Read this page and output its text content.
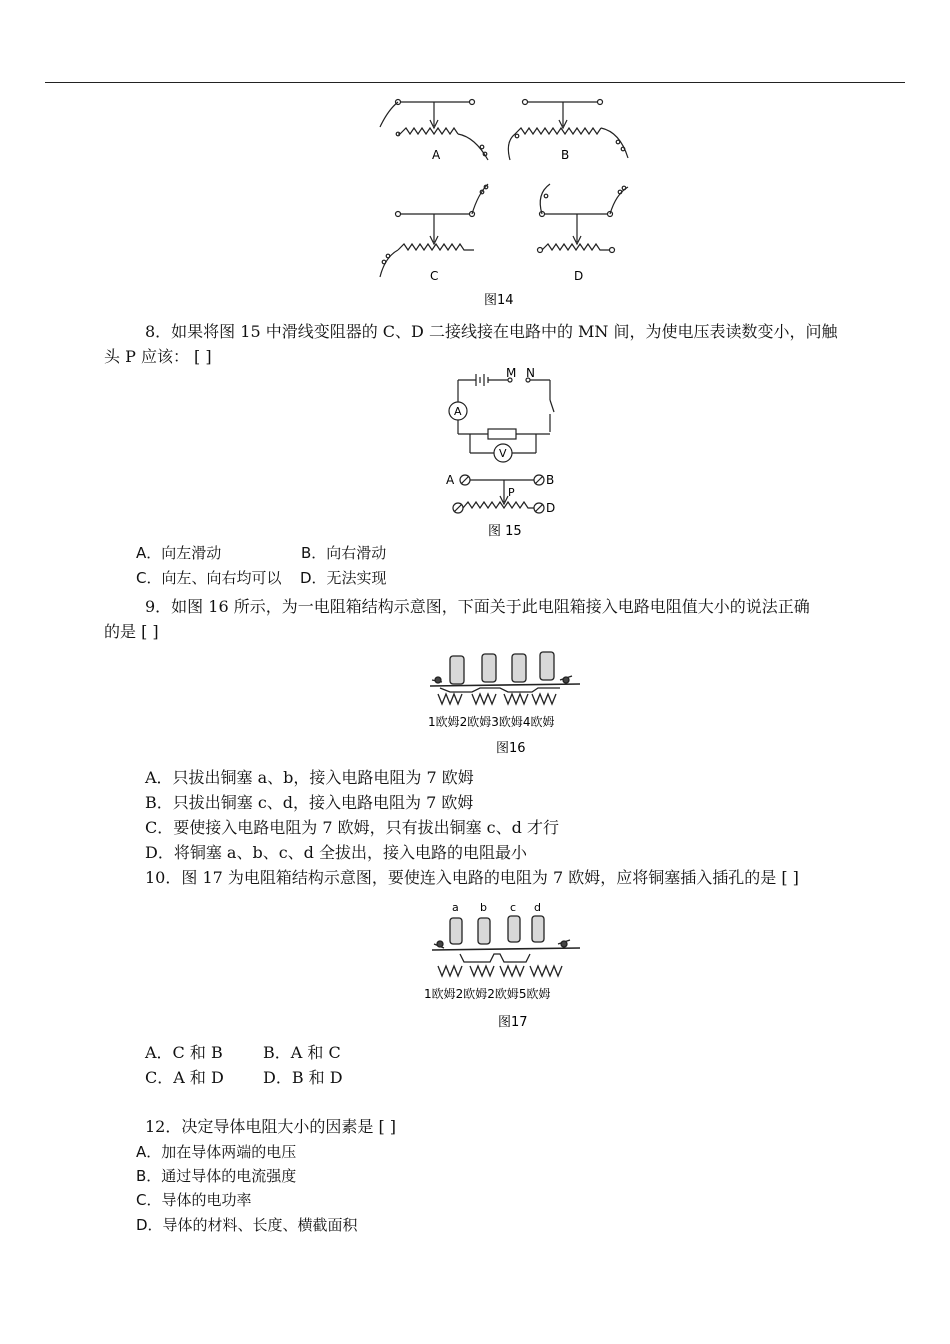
A	B
C	D
图14
8．如果将图 15 中滑线变阻器的 C、D 二接线接在电路中的 MN 间，为使电压表读数变小，问触
头 P 应该： [ ]
M N
A
V
A	B
D
P
图 15
A．向左滑动	B．向右滑动
C．向左、向右均可以 D．无法实现
9．如图 16 所示，为一电阻箱结构示意图，下面关于此电阻箱接入电路电阻值大小的说法正确
的是 [ ]
1欧姆2欧姆3欧姆4欧姆
图16
A．只拔出铜塞 a、b，接入电路电阻为 7 欧姆
B．只拔出铜塞 c、d，接入电路电阻为 7 欧姆
C．要使接入电路电阻为 7 欧姆，只有拔出铜塞 c、d 才行
D．将铜塞 a、b、c、d 全拔出，接入电路的电阻最小
10．图 17 为电阻箱结构示意图，要使连入电路的电阻为 7 欧姆，应将铜塞插入插孔的是 [ ]
a b c d
1欧姆2欧姆2欧姆5欧姆
图17
A．C 和 B	B．A 和 C
C．A 和 D D．B 和 D
12．决定导体电阻大小的因素是 [ ]
A．加在导体两端的电压
B．通过导体的电流强度
C．导体的电功率
D．导体的材料、长度、横截面积
